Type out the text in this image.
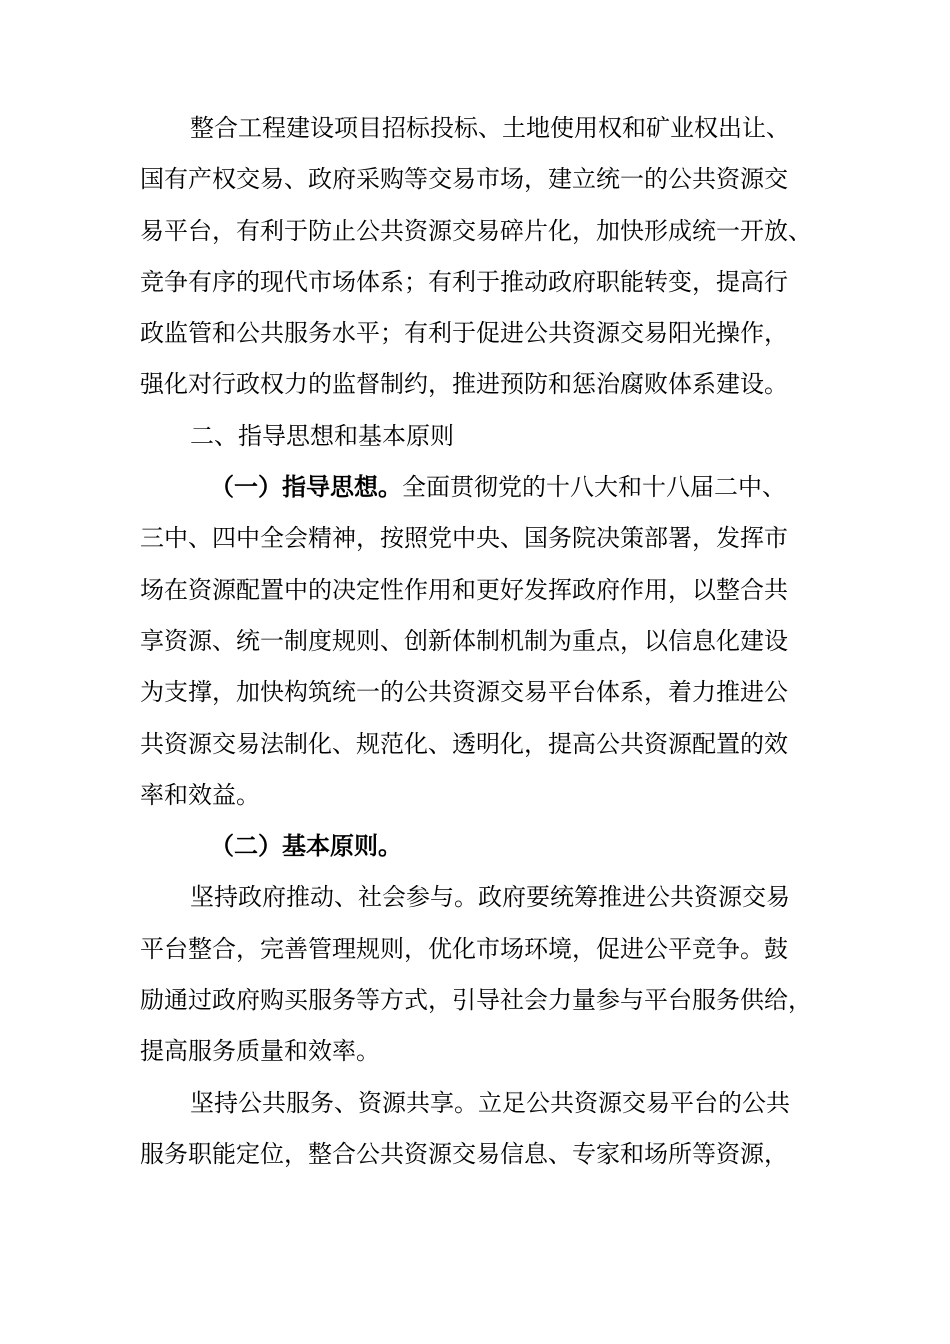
整合工程建设项目招标投标、土地使用权和矿业权出让、
国有产权交易、政府采购等交易市场，建立统一的公共资源交
易平台，有利于防止公共资源交易碎片化，加快形成统一开放、
竞争有序的现代市场体系；有利于推动政府职能转变，提高行
政监管和公共服务水平；有利于促进公共资源交易阳光操作，
强化对行政权力的监督制约，推进预防和惩治腐败体系建设。
二、指导思想和基本原则
（一）指导思想。全面贯彻党的十八大和十八届二中、
三中、四中全会精神，按照党中央、国务院决策部署，发挥市
场在资源配置中的决定性作用和更好发挥政府作用，以整合共
享资源、统一制度规则、创新体制机制为重点，以信息化建设
为支撑，加快构筑统一的公共资源交易平台体系，着力推进公
共资源交易法制化、规范化、透明化，提高公共资源配置的效
率和效益。
（二）基本原则。
坚持政府推动、社会参与。政府要统筹推进公共资源交易
平台整合，完善管理规则，优化市场环境，促进公平竞争。鼓
励通过政府购买服务等方式，引导社会力量参与平台服务供给，
提高服务质量和效率。
坚持公共服务、资源共享。立足公共资源交易平台的公共
服务职能定位，整合公共资源交易信息、专家和场所等资源，
